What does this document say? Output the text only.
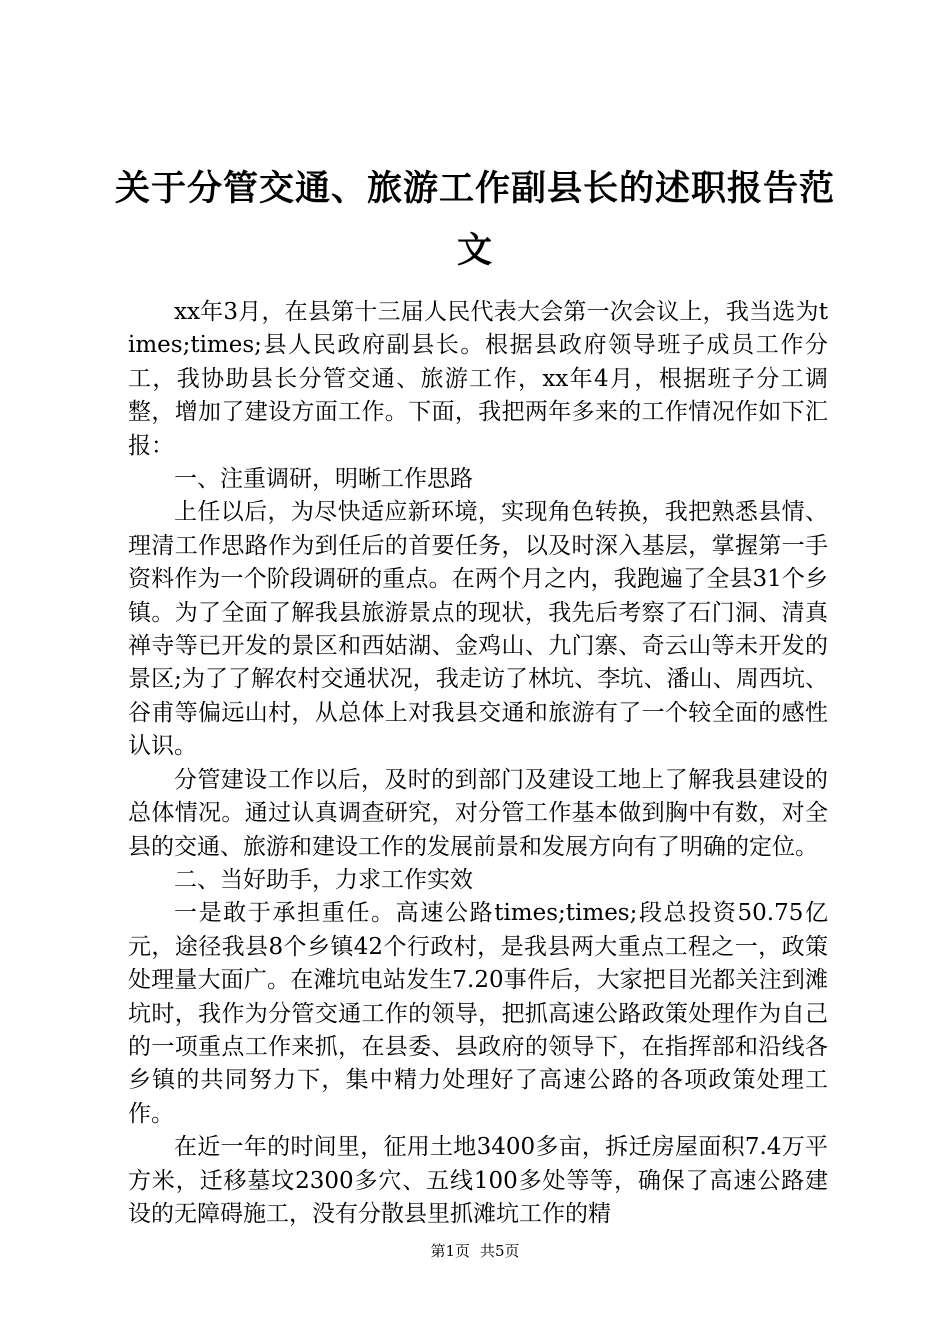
关于分管交通、旅游工作副县长的述职报告范文

xx年3月，在县第十三届人民代表大会第一次会议上，我当选为times;times;县人民政府副县长。根据县政府领导班子成员工作分工，我协助县长分管交通、旅游工作，xx年4月，根据班子分工调整，增加了建设方面工作。下面，我把两年多来的工作情况作如下汇报：

一、注重调研，明晰工作思路

上任以后，为尽快适应新环境，实现角色转换，我把熟悉县情、理清工作思路作为到任后的首要任务，以及时深入基层，掌握第一手资料作为一个阶段调研的重点。在两个月之内，我跑遍了全县31个乡镇。为了全面了解我县旅游景点的现状，我先后考察了石门洞、清真禅寺等已开发的景区和西姑湖、金鸡山、九门寨、奇云山等未开发的景区;为了了解农村交通状况，我走访了林坑、李坑、潘山、周西坑、谷甫等偏远山村，从总体上对我县交通和旅游有了一个较全面的感性认识。

分管建设工作以后，及时的到部门及建设工地上了解我县建设的总体情况。通过认真调查研究，对分管工作基本做到胸中有数，对全县的交通、旅游和建设工作的发展前景和发展方向有了明确的定位。

二、当好助手，力求工作实效

一是敢于承担重任。高速公路times;times;段总投资50.75亿元，途径我县8个乡镇42个行政村，是我县两大重点工程之一，政策处理量大面广。在滩坑电站发生7.20事件后，大家把目光都关注到滩坑时，我作为分管交通工作的领导，把抓高速公路政策处理作为自己的一项重点工作来抓，在县委、县政府的领导下，在指挥部和沿线各乡镇的共同努力下，集中精力处理好了高速公路的各项政策处理工作。

在近一年的时间里，征用土地3400多亩，拆迁房屋面积7.4万平方米，迁移墓坟2300多穴、五线100多处等等，确保了高速公路建设的无障碍施工，没有分散县里抓滩坑工作的精

第1页 共5页
